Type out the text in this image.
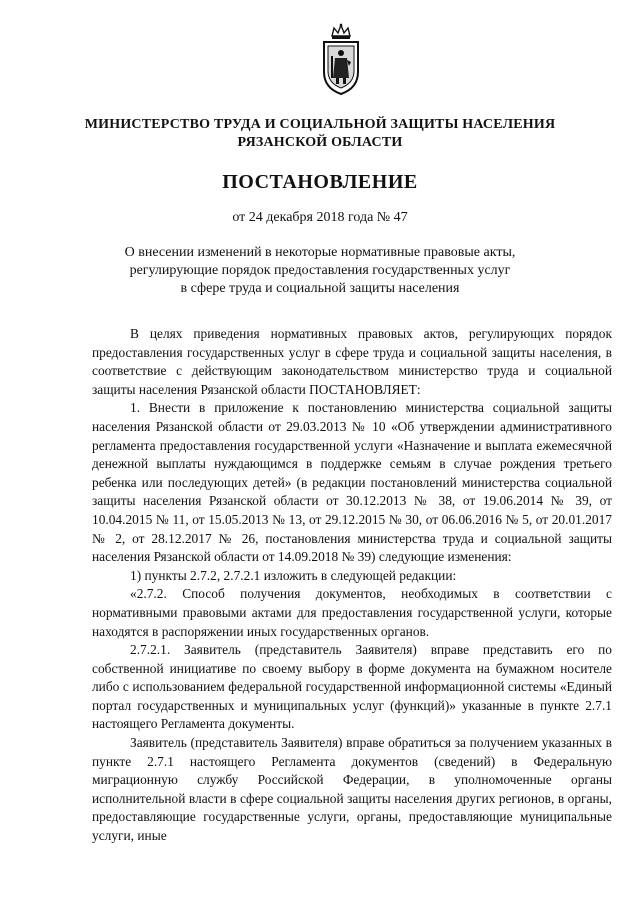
МИНИСТЕРСТВО ТРУДА И СОЦИАЛЬНОЙ ЗАЩИТЫ НАСЕЛЕНИЯ
РЯЗАНСКОЙ ОБЛАСТИ
ПОСТАНОВЛЕНИЕ
от 24 декабря 2018 года № 47
О внесении изменений в некоторые нормативные правовые акты,
регулирующие порядок предоставления государственных услуг
в сфере труда и социальной защиты населения

В целях приведения нормативных правовых актов, регулирующих порядок предоставления государственных услуг в сфере труда и социальной защиты населения, в соответствие с действующим законодательством министерство труда и социальной защиты населения Рязанской области ПОСТАНОВЛЯЕТ:

1. Внести в приложение к постановлению министерства социальной защиты населения Рязанской области от 29.03.2013 № 10 «Об утверждении административного регламента предоставления государственной услуги «Назначение и выплата ежемесячной денежной выплаты нуждающимся в поддержке семьям в случае рождения третьего ребенка или последующих детей» (в редакции постановлений министерства социальной защиты населения Рязанской области от 30.12.2013 № 38, от 19.06.2014 № 39, от 10.04.2015 № 11, от 15.05.2013 № 13, от 29.12.2015 № 30, от 06.06.2016 № 5, от 20.01.2017 № 2, от 28.12.2017 № 26, постановления министерства труда и социальной защиты населения Рязанской области от 14.09.2018 № 39) следующие изменения:

1) пункты 2.7.2, 2.7.2.1 изложить в следующей редакции:

«2.7.2. Способ получения документов, необходимых в соответствии с нормативными правовыми актами для предоставления государственной услуги, которые находятся в распоряжении иных государственных органов.

2.7.2.1. Заявитель (представитель Заявителя) вправе представить его по собственной инициативе по своему выбору в форме документа на бумажном носителе либо с использованием федеральной государственной информационной системы «Единый портал государственных и муниципальных услуг (функций)» указанные в пункте 2.7.1 настоящего Регламента документы.

Заявитель (представитель Заявителя) вправе обратиться за получением указанных в пункте 2.7.1 настоящего Регламента документов (сведений) в Федеральную миграционную службу Российской Федерации, в уполномоченные органы исполнительной власти в сфере социальной защиты населения других регионов, в органы, предоставляющие государственные услуги, органы, предоставляющие муниципальные услуги, иные
